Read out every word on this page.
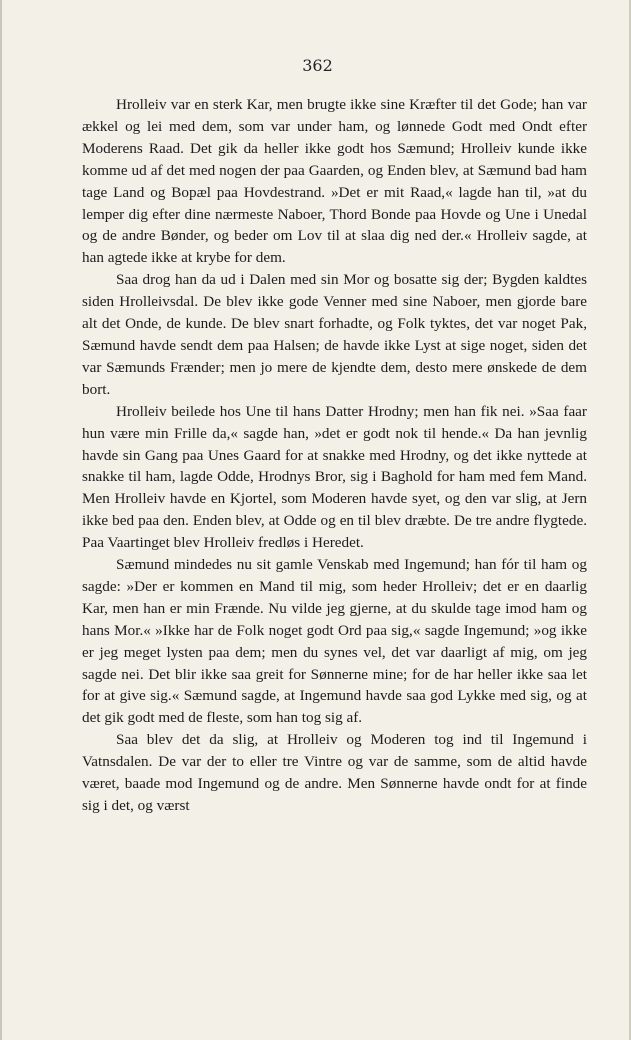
362

Hrolleiv var en sterk Kar, men brugte ikke sine Kræfter til det Gode; han var ækkel og lei med dem, som var under ham, og lønnede Godt med Ondt efter Moderens Raad. Det gik da heller ikke godt hos Sæmund; Hrolleiv kunde ikke komme ud af det med nogen der paa Gaarden, og Enden blev, at Sæmund bad ham tage Land og Bopæl paa Hovdestrand. »Det er mit Raad,« lagde han til, »at du lemper dig efter dine nærmeste Naboer, Thord Bonde paa Hovde og Une i Unedal og de andre Bønder, og beder om Lov til at slaa dig ned der.« Hrolleiv sagde, at han agtede ikke at krybe for dem.

Saa drog han da ud i Dalen med sin Mor og bosatte sig der; Bygden kaldtes siden Hrolleivsdal. De blev ikke gode Venner med sine Naboer, men gjorde bare alt det Onde, de kunde. De blev snart forhadte, og Folk tyktes, det var noget Pak, Sæmund havde sendt dem paa Halsen; de havde ikke Lyst at sige noget, siden det var Sæmunds Frænder; men jo mere de kjendte dem, desto mere ønskede de dem bort.

Hrolleiv beilede hos Une til hans Datter Hrodny; men han fik nei. »Saa faar hun være min Frille da,« sagde han, »det er godt nok til hende.« Da han jevnlig havde sin Gang paa Unes Gaard for at snakke med Hrodny, og det ikke nyttede at snakke til ham, lagde Odde, Hrodnys Bror, sig i Baghold for ham med fem Mand. Men Hrolleiv havde en Kjortel, som Moderen havde syet, og den var slig, at Jern ikke bed paa den. Enden blev, at Odde og en til blev dræbte. De tre andre flygtede. Paa Vaartinget blev Hrolleiv fredløs i Heredet.

Sæmund mindedes nu sit gamle Venskab med Ingemund; han fór til ham og sagde: »Der er kommen en Mand til mig, som heder Hrolleiv; det er en daarlig Kar, men han er min Frænde. Nu vilde jeg gjerne, at du skulde tage imod ham og hans Mor.« »Ikke har de Folk noget godt Ord paa sig,« sagde Ingemund; »og ikke er jeg meget lysten paa dem; men du synes vel, det var daarligt af mig, om jeg sagde nei. Det blir ikke saa greit for Sønnerne mine; for de har heller ikke saa let for at give sig.« Sæmund sagde, at Ingemund havde saa god Lykke med sig, og at det gik godt med de fleste, som han tog sig af.

Saa blev det da slig, at Hrolleiv og Moderen tog ind til Ingemund i Vatnsdalen. De var der to eller tre Vintre og var de samme, som de altid havde været, baade mod Ingemund og de andre. Men Sønnerne havde ondt for at finde sig i det, og værst
